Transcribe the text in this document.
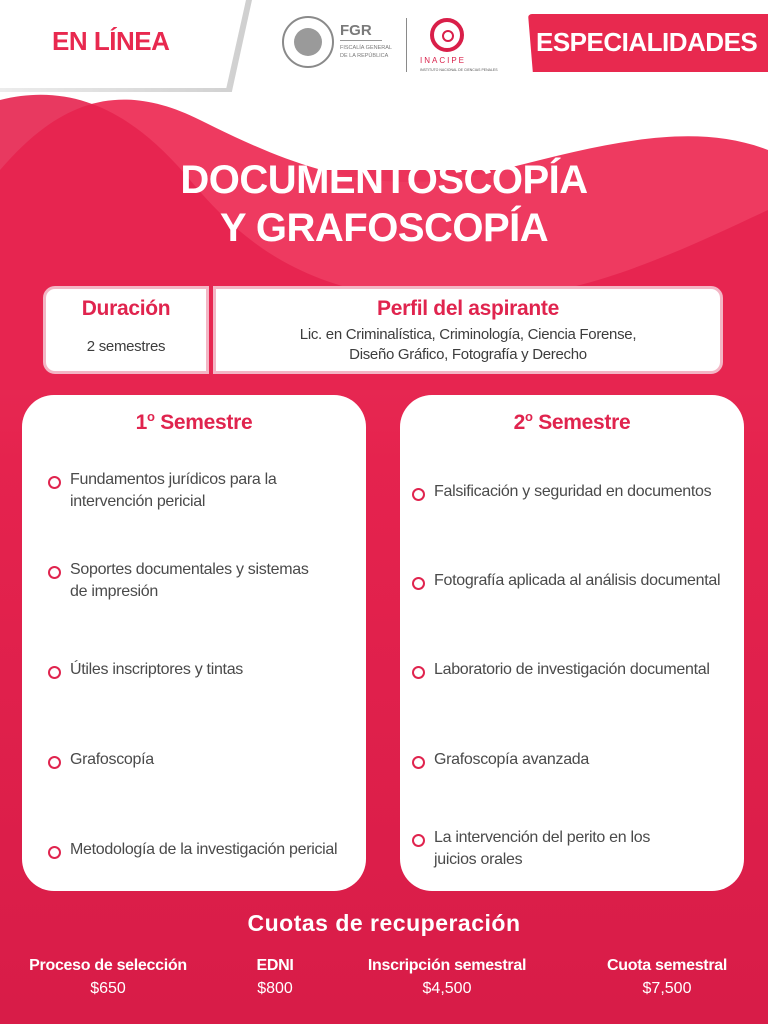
EN LÍNEA	FGR
FISCALÍA GENERAL DE LA REPÚBLICA	INACIPE
INSTITUTO NACIONAL DE CIENCIAS PENALES
ESPECIALIDADES
DOCUMENTOSCOPÍA
Y GRAFOSCOPÍA
Duración
2 semestres
Perfil del aspirante
Lic. en Criminalística, Criminología, Ciencia Forense,
Diseño Gráfico, Fotografía y Derecho
1$^o$ Semestre
Fundamentos jurídicos para la
intervención pericial
Soportes documentales y sistemas
de impresión
Útiles inscriptores y tintas
Grafoscopía
Metodología de la investigación pericial
2$^o$ Semestre
Falsificación y seguridad en documentos
Fotografía aplicada al análisis documental
Laboratorio de investigación documental
Grafoscopía avanzada
La intervención del perito en los
juicios orales
Cuotas de recuperación
Proceso de selección
$650
EDNI
$800
Inscripción semestral
$4,500
Cuota semestral
$7,500
